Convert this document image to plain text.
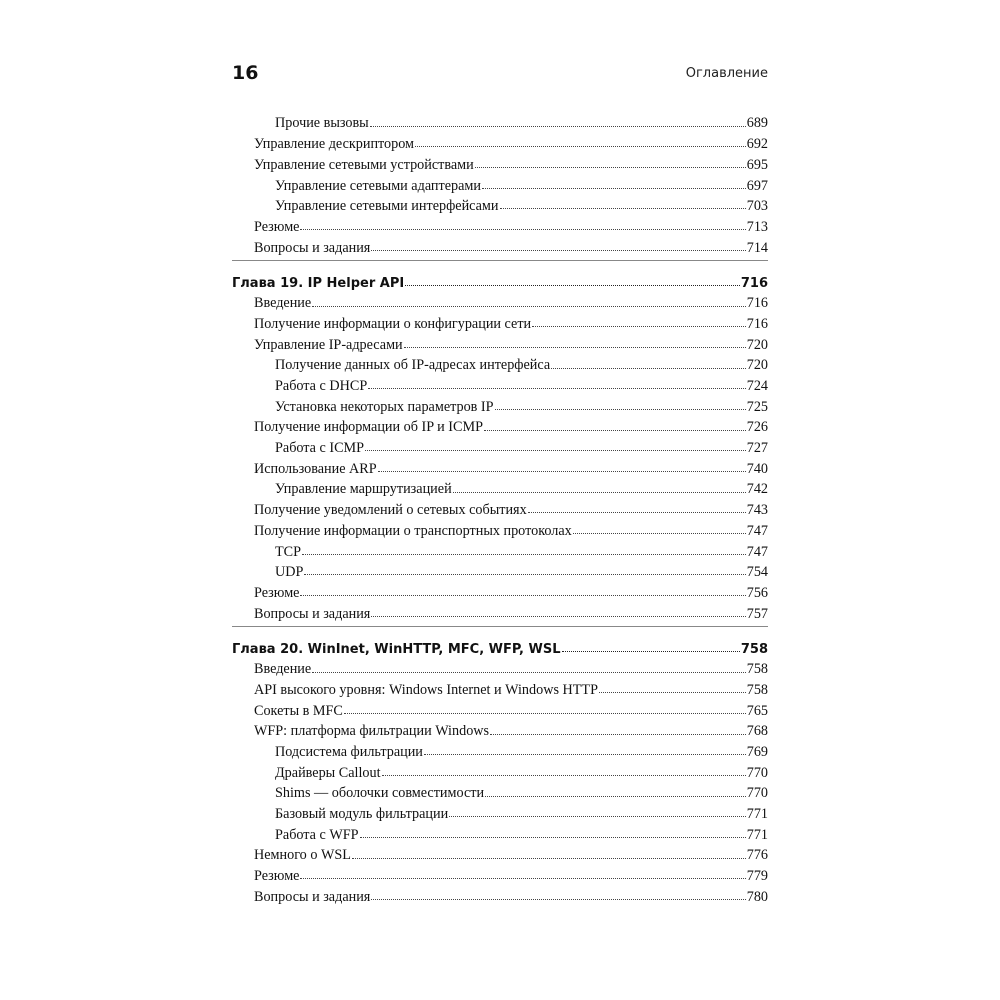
16	Оглавление
Прочие вызовы	689
Управление дескриптором	692
Управление сетевыми устройствами	695
Управление сетевыми адаптерами	697
Управление сетевыми интерфейсами	703
Резюме	713
Вопросы и задания	714
Глава 19. IP Helper API	716
Введение	716
Получение информации о конфигурации сети	716
Управление IP-адресами	720
Получение данных об IP-адресах интерфейса	720
Работа с DHCP	724
Установка некоторых параметров IP	725
Получение информации об IP и ICMP	726
Работа с ICMP	727
Использование ARP	740
Управление маршрутизацией	742
Получение уведомлений о сетевых событиях	743
Получение информации о транспортных протоколах	747
TCP	747
UDP	754
Резюме	756
Вопросы и задания	757
Глава 20. WinInet, WinHTTP, MFC, WFP, WSL	758
Введение	758
API высокого уровня: Windows Internet и Windows HTTP	758
Сокеты в MFC	765
WFP: платформа фильтрации Windows	768
Подсистема фильтрации	769
Драйверы Callout	770
Shims — оболочки совместимости	770
Базовый модуль фильтрации	771
Работа с WFP	771
Немного о WSL	776
Резюме	779
Вопросы и задания	780
